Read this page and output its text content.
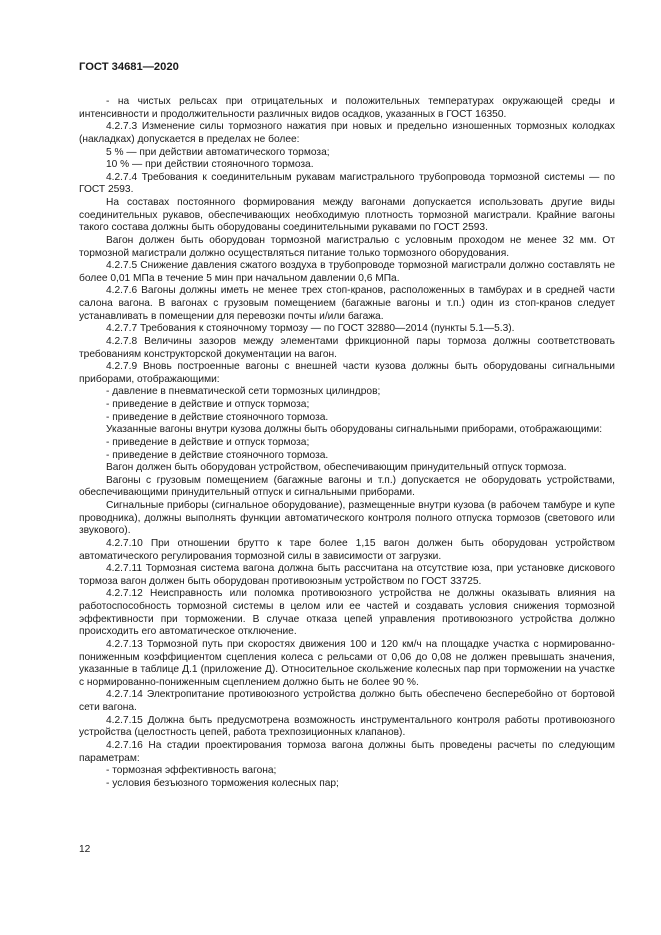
ГОСТ 34681—2020

- на чистых рельсах при отрицательных и положительных температурах окружающей среды и интенсивности и продолжительности различных видов осадков, указанных в ГОСТ 16350.

4.2.7.3 Изменение силы тормозного нажатия при новых и предельно изношенных тормозных колодках (накладках) допускается в пределах не более:

5 % — при действии автоматического тормоза;

10 % — при действии стояночного тормоза.

4.2.7.4 Требования к соединительным рукавам магистрального трубопровода тормозной системы — по ГОСТ 2593.

На составах постоянного формирования между вагонами допускается использовать другие виды соединительных рукавов, обеспечивающих необходимую плотность тормозной магистрали. Крайние вагоны такого состава должны быть оборудованы соединительными рукавами по ГОСТ 2593.

Вагон должен быть оборудован тормозной магистралью с условным проходом не менее 32 мм. От тормозной магистрали должно осуществляться питание только тормозного оборудования.

4.2.7.5 Снижение давления сжатого воздуха в трубопроводе тормозной магистрали должно составлять не более 0,01 МПа в течение 5 мин при начальном давлении 0,6 МПа.

4.2.7.6 Вагоны должны иметь не менее трех стоп-кранов, расположенных в тамбурах и в средней части салона вагона. В вагонах с грузовым помещением (багажные вагоны и т.п.) один из стоп-кранов следует устанавливать в помещении для перевозки почты и/или багажа.

4.2.7.7 Требования к стояночному тормозу — по ГОСТ 32880—2014 (пункты 5.1—5.3).

4.2.7.8 Величины зазоров между элементами фрикционной пары тормоза должны соответствовать требованиям конструкторской документации на вагон.

4.2.7.9 Вновь построенные вагоны с внешней части кузова должны быть оборудованы сигнальными приборами, отображающими:

- давление в пневматической сети тормозных цилиндров;

- приведение в действие и отпуск тормоза;

- приведение в действие стояночного тормоза.

Указанные вагоны внутри кузова должны быть оборудованы сигнальными приборами, отображающими:

- приведение в действие и отпуск тормоза;

- приведение в действие стояночного тормоза.

Вагон должен быть оборудован устройством, обеспечивающим принудительный отпуск тормоза.

Вагоны с грузовым помещением (багажные вагоны и т.п.) допускается не оборудовать устройствами, обеспечивающими принудительный отпуск и сигнальными приборами.

Сигнальные приборы (сигнальное оборудование), размещенные внутри кузова (в рабочем тамбуре и купе проводника), должны выполнять функции автоматического контроля полного отпуска тормозов (светового или звукового).

4.2.7.10 При отношении брутто к таре более 1,15 вагон должен быть оборудован устройством автоматического регулирования тормозной силы в зависимости от загрузки.

4.2.7.11 Тормозная система вагона должна быть рассчитана на отсутствие юза, при установке дискового тормоза вагон должен быть оборудован противоюзным устройством по ГОСТ 33725.

4.2.7.12 Неисправность или поломка противоюзного устройства не должны оказывать влияния на работоспособность тормозной системы в целом или ее частей и создавать условия снижения тормозной эффективности при торможении. В случае отказа цепей управления противоюзного устройства должно происходить его автоматическое отключение.

4.2.7.13 Тормозной путь при скоростях движения 100 и 120 км/ч на площадке участка с нормированно-пониженным коэффициентом сцепления колеса с рельсами от 0,06 до 0,08 не должен превышать значения, указанные в таблице Д.1 (приложение Д). Относительное скольжение колесных пар при торможении на участке с нормированно-пониженным сцеплением должно быть не более 90 %.

4.2.7.14 Электропитание противоюзного устройства должно быть обеспечено бесперебойно от бортовой сети вагона.

4.2.7.15 Должна быть предусмотрена возможность инструментального контроля работы противоюзного устройства (целостность цепей, работа трехпозиционных клапанов).

4.2.7.16 На стадии проектирования тормоза вагона должны быть проведены расчеты по следующим параметрам:

- тормозная эффективность вагона;

- условия безъюзного торможения колесных пар;

12
